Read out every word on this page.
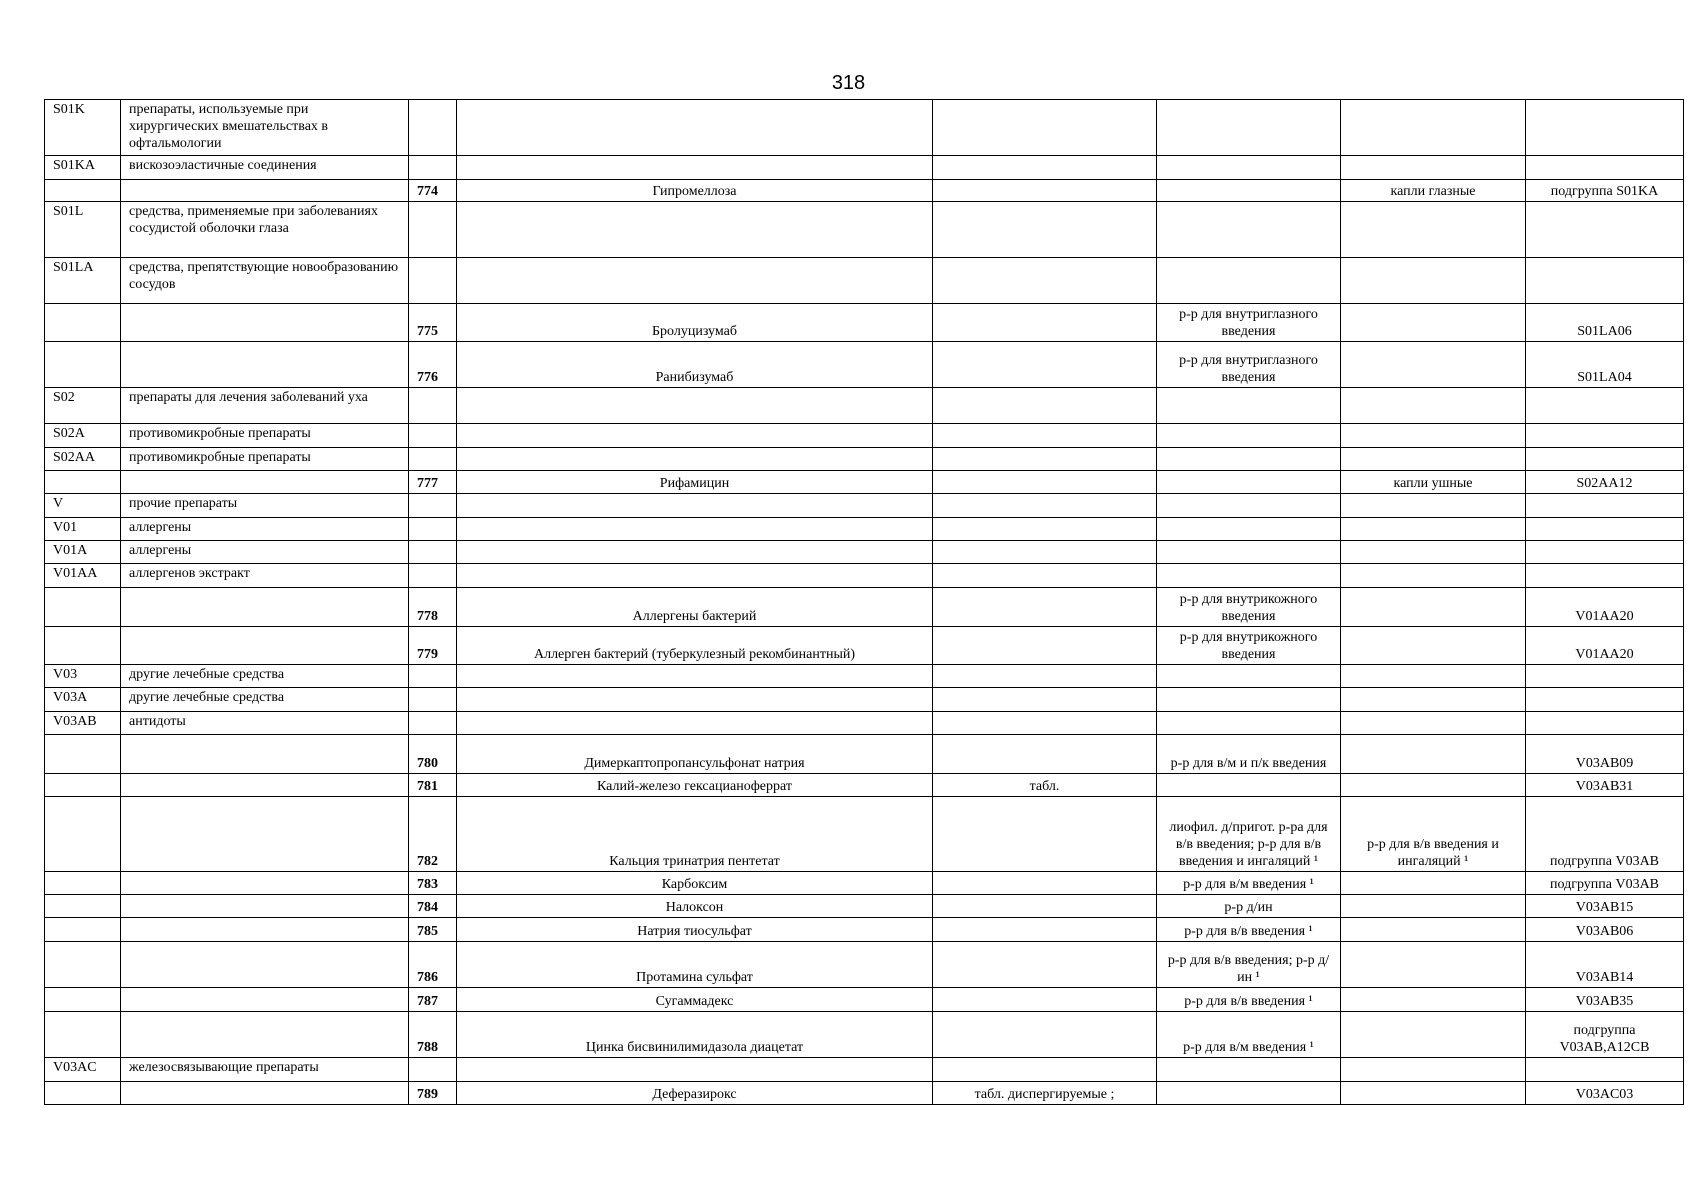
318
S01K	препараты, используемые при хирургических вмешательствах в офтальмологии						
S01KA	вискозоэластичные соединения						
		774	Гипромеллоза			капли глазные	подгруппа S01KA
S01L	средства, применяемые при заболеваниях сосудистой оболочки глаза						
S01LA	средства, препятствующие новообразованию сосудов						
		775	Бролуцизумаб		р-р для внутриглазного введения		S01LA06
		776	Ранибизумаб		р-р для внутриглазного введения		S01LA04
S02	препараты для лечения заболеваний уха						
S02A	противомикробные препараты						
S02AA	противомикробные препараты						
		777	Рифамицин			капли ушные	S02AA12
V	прочие препараты						
V01	аллергены						
V01A	аллергены						
V01AA	аллергенов экстракт						
		778	Аллергены бактерий		р-р для внутрикожного введения		V01AA20
		779	Аллерген бактерий (туберкулезный рекомбинантный)		р-р для внутрикожного введения		V01AA20
V03	другие лечебные средства						
V03A	другие лечебные средства						
V03AB	антидоты						
		780	Димеркаптопропансульфонат натрия		р-р для в/м и п/к введения		V03AB09
		781	Калий-железо гексацианоферрат	табл.			V03AB31
		782	Кальция тринатрия пентетат		лиофил. д/пригот. р-ра для в/в введения; р-р для в/в введения и ингаляций ¹	р-р для в/в введения и ингаляций ¹	подгруппа V03AB
		783	Карбоксим		р-р для в/м введения ¹		подгруппа V03AB
		784	Налоксон		р-р д/ин		V03AB15
		785	Натрия тиосульфат		р-р для в/в введения ¹		V03AB06
		786	Протамина сульфат		р-р для в/в введения; р-р д/ин ¹		V03AB14
		787	Сугаммадекс		р-р для в/в введения ¹		V03AB35
		788	Цинка бисвинилимидазола диацетат		р-р для в/м введения ¹		подгруппа V03AB,A12CB
V03AC	железосвязывающие препараты						
		789	Деферазирокс	табл. диспергируемые ;			V03AC03
